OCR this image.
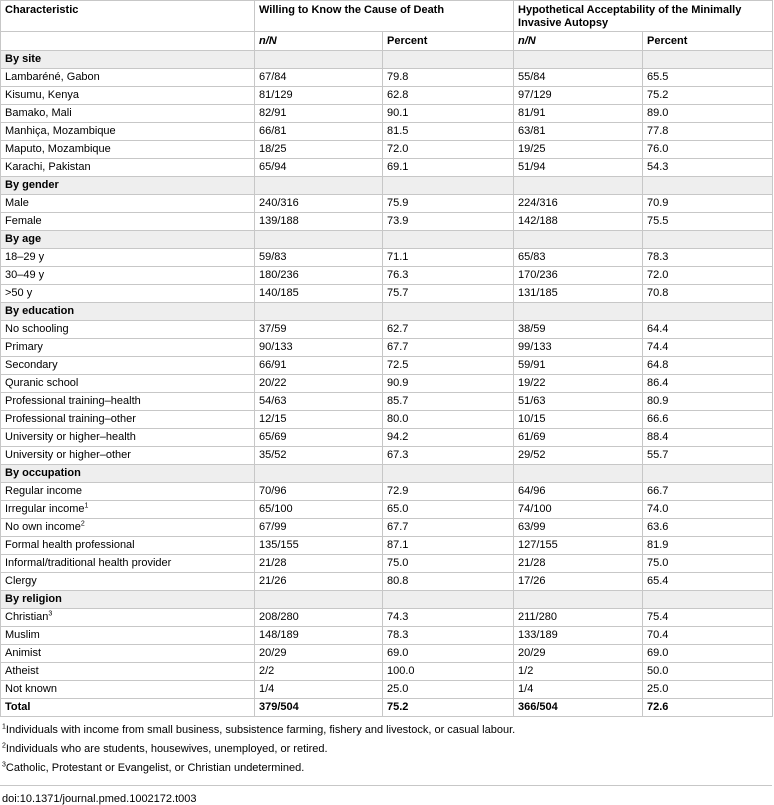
Characteristic	Willing to Know the Cause of Death		Hypothetical Acceptability of the Minimally Invasive Autopsy	
	n/N	Percent	n/N	Percent
By site				
Lambaréné, Gabon	67/84	79.8	55/84	65.5
Kisumu, Kenya	81/129	62.8	97/129	75.2
Bamako, Mali	82/91	90.1	81/91	89.0
Manhiça, Mozambique	66/81	81.5	63/81	77.8
Maputo, Mozambique	18/25	72.0	19/25	76.0
Karachi, Pakistan	65/94	69.1	51/94	54.3
By gender				
Male	240/316	75.9	224/316	70.9
Female	139/188	73.9	142/188	75.5
By age				
18–29 y	59/83	71.1	65/83	78.3
30–49 y	180/236	76.3	170/236	72.0
>50 y	140/185	75.7	131/185	70.8
By education				
No schooling	37/59	62.7	38/59	64.4
Primary	90/133	67.7	99/133	74.4
Secondary	66/91	72.5	59/91	64.8
Quranic school	20/22	90.9	19/22	86.4
Professional training–health	54/63	85.7	51/63	80.9
Professional training–other	12/15	80.0	10/15	66.6
University or higher–health	65/69	94.2	61/69	88.4
University or higher–other	35/52	67.3	29/52	55.7
By occupation				
Regular income	70/96	72.9	64/96	66.7
Irregular income$^1$	65/100	65.0	74/100	74.0
No own income$^2$	67/99	67.7	63/99	63.6
Formal health professional	135/155	87.1	127/155	81.9
Informal/traditional health provider	21/28	75.0	21/28	75.0
Clergy	21/26	80.8	17/26	65.4
By religion				
Christian$^3$	208/280	74.3	211/280	75.4
Muslim	148/189	78.3	133/189	70.4
Animist	20/29	69.0	20/29	69.0
Atheist	2/2	100.0	1/2	50.0
Not known	1/4	25.0	1/4	25.0
Total	379/504	75.2	366/504	72.6
$^1$Individuals with income from small business, subsistence farming, fishery and livestock, or casual labour.
$^2$Individuals who are students, housewives, unemployed, or retired.
$^3$Catholic, Protestant or Evangelist, or Christian undetermined.
doi:10.1371/journal.pmed.1002172.t003
